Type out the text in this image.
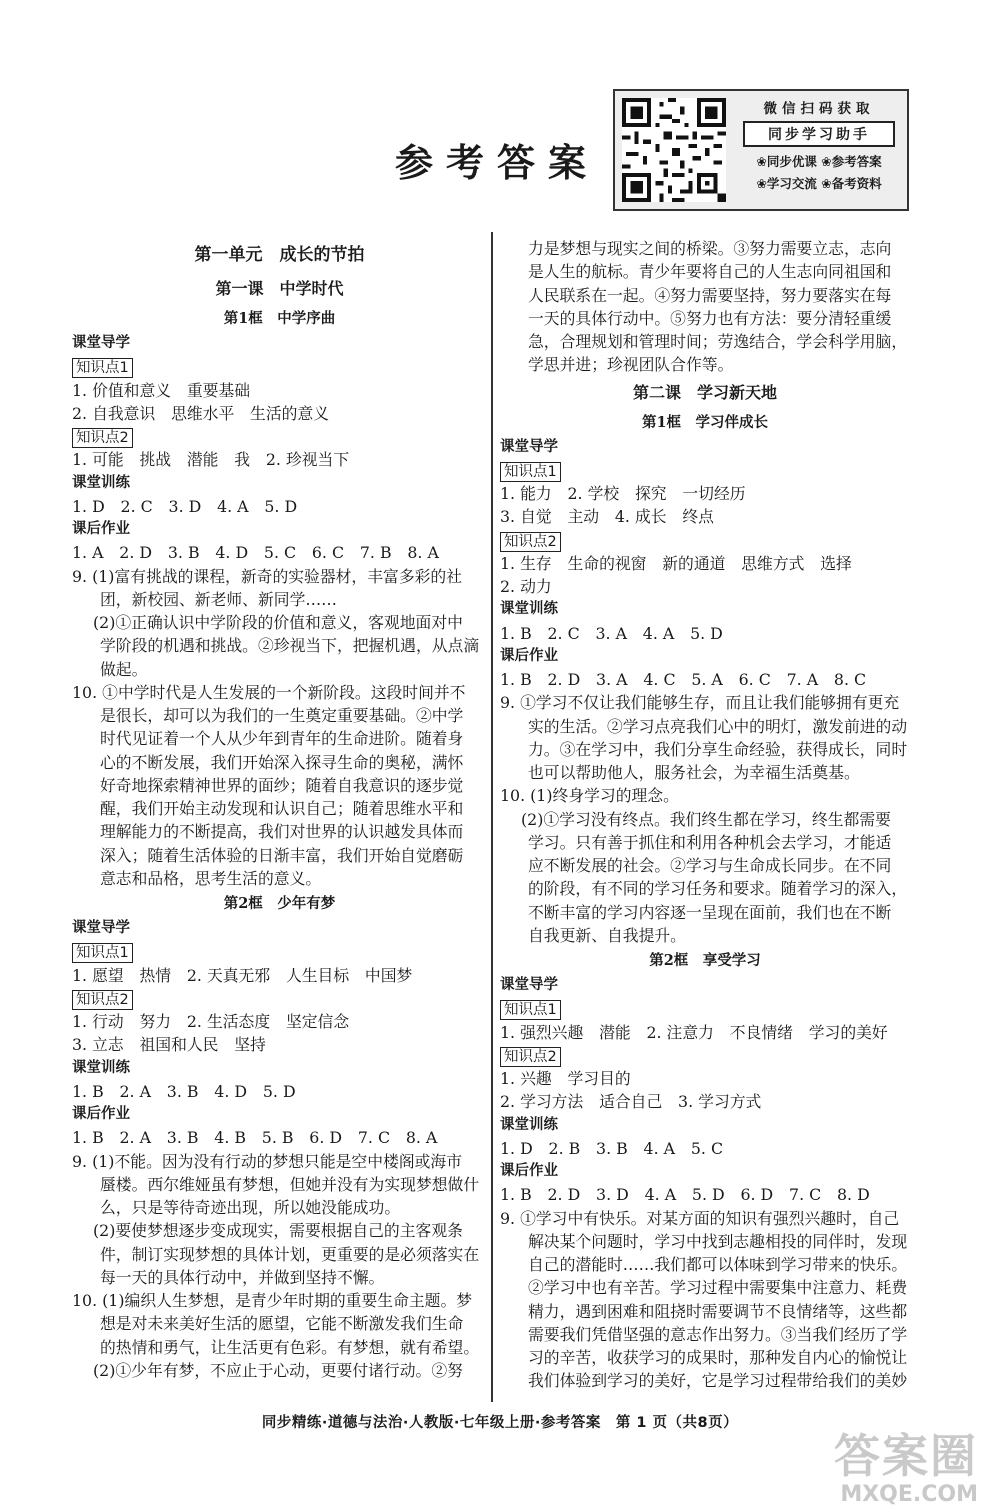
微信扫码获取
同步学习助手
❀同步优课 ❀参考答案
❀学习交流 ❀备考资料
参考答案
第一单元　成长的节拍
第一课　中学时代
第1框　中学序曲
课堂导学
知识点1
1. 价值和意义　重要基础
2. 自我意识　思维水平　生活的意义
知识点2
1. 可能　挑战　潜能　我　2. 珍视当下
课堂训练
1. D　2. C　3. D　4. A　5. D
课后作业
1. A　2. D　3. B　4. D　5. C　6. C　7. B　8. A
9. (1)富有挑战的课程，新奇的实验器材，丰富多彩的社
团，新校园、新老师、新同学……
(2)①正确认识中学阶段的价值和意义，客观地面对中
学阶段的机遇和挑战。②珍视当下，把握机遇，从点滴
做起。
10. ①中学时代是人生发展的一个新阶段。这段时间并不
是很长，却可以为我们的一生奠定重要基础。②中学
时代见证着一个人从少年到青年的生命进阶。随着身
心的不断发展，我们开始深入探寻生命的奥秘，满怀
好奇地探索精神世界的面纱；随着自我意识的逐步觉
醒，我们开始主动发现和认识自己；随着思维水平和
理解能力的不断提高，我们对世界的认识越发具体而
深入；随着生活体验的日渐丰富，我们开始自觉磨砺
意志和品格，思考生活的意义。
第2框　少年有梦
课堂导学
知识点1
1. 愿望　热情　2. 天真无邪　人生目标　中国梦
知识点2
1. 行动　努力　2. 生活态度　坚定信念
3. 立志　祖国和人民　坚持
课堂训练
1. B　2. A　3. B　4. D　5. D
课后作业
1. B　2. A　3. B　4. B　5. B　6. D　7. C　8. A
9. (1)不能。因为没有行动的梦想只能是空中楼阁或海市
蜃楼。西尔维娅虽有梦想，但她并没有为实现梦想做什
么，只是等待奇迹出现，所以她没能成功。
(2)要使梦想逐步变成现实，需要根据自己的主客观条
件，制订实现梦想的具体计划，更重要的是必须落实在
每一天的具体行动中，并做到坚持不懈。
10. (1)编织人生梦想，是青少年时期的重要生命主题。梦
想是对未来美好生活的愿望，它能不断激发我们生命
的热情和勇气，让生活更有色彩。有梦想，就有希望。
(2)①少年有梦，不应止于心动，更要付诸行动。②努
力是梦想与现实之间的桥梁。③努力需要立志，志向
是人生的航标。青少年要将自己的人生志向同祖国和
人民联系在一起。④努力需要坚持，努力要落实在每
一天的具体行动中。⑤努力也有方法：要分清轻重缓
急，合理规划和管理时间；劳逸结合，学会科学用脑，
学思并进；珍视团队合作等。
第二课　学习新天地
第1框　学习伴成长
课堂导学
知识点1
1. 能力　2. 学校　探究　一切经历
3. 自觉　主动　4. 成长　终点
知识点2
1. 生存　生命的视窗　新的通道　思维方式　选择
2. 动力
课堂训练
1. B　2. C　3. A　4. A　5. D
课后作业
1. B　2. D　3. A　4. C　5. A　6. C　7. A　8. C
9. ①学习不仅让我们能够生存，而且让我们能够拥有更充
实的生活。②学习点亮我们心中的明灯，激发前进的动
力。③在学习中，我们分享生命经验，获得成长，同时
也可以帮助他人，服务社会，为幸福生活奠基。
10. (1)终身学习的理念。
(2)①学习没有终点。我们终生都在学习，终生都需要
学习。只有善于抓住和利用各种机会去学习，才能适
应不断发展的社会。②学习与生命成长同步。在不同
的阶段，有不同的学习任务和要求。随着学习的深入，
不断丰富的学习内容逐一呈现在面前，我们也在不断
自我更新、自我提升。
第2框　享受学习
课堂导学
知识点1
1. 强烈兴趣　潜能　2. 注意力　不良情绪　学习的美好
知识点2
1. 兴趣　学习目的
2. 学习方法　适合自己　3. 学习方式
课堂训练
1. D　2. B　3. B　4. A　5. C
课后作业
1. B　2. D　3. D　4. A　5. D　6. D　7. C　8. D
9. ①学习中有快乐。对某方面的知识有强烈兴趣时，自己
解决某个问题时，学习中找到志趣相投的同伴时，发现
自己的潜能时……我们都可以体味到学习带来的快乐。
②学习中也有辛苦。学习过程中需要集中注意力、耗费
精力，遇到困难和阻挠时需要调节不良情绪等，这些都
需要我们凭借坚强的意志作出努力。③当我们经历了学
习的辛苦，收获学习的成果时，那种发自内心的愉悦让
我们体验到学习的美好，它是学习过程带给我们的美妙
同步精练·道德与法治·人教版·七年级上册·参考答案　第 1 页（共8页）
答案圈
MXQE.COM
